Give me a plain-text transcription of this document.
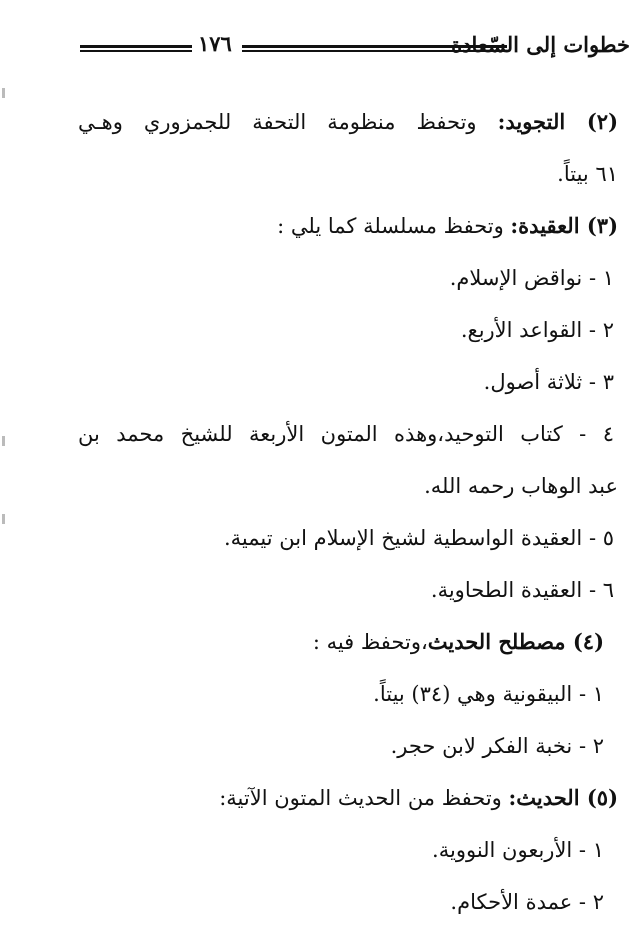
خطوات إلى السّعادة
١٧٦
(٢) التجويد: وتحفظ منظومة التحفة للجمزوري وهـي
٦١ بيتاً.
(٣) العقيدة: وتحفظ مسلسلة كما يلي :
١ - نواقض الإسلام.
٢ - القواعد الأربع.
٣ - ثلاثة أصول.
٤ - كتاب التوحيد،وهذه المتون الأربعة للشيخ محمد بن
عبد الوهاب رحمه الله.
٥ - العقيدة الواسطية لشيخ الإسلام ابن تيمية.
٦ - العقيدة الطحاوية.
(٤) مصطلح الحديث،وتحفظ فيه :
١ - البيقونية وهي (٣٤) بيتاً.
٢ - نخبة الفكر لابن حجر.
(٥) الحديث: وتحفظ من الحديث المتون الآتية:
١ - الأربعون النووية.
٢ - عمدة الأحكام.
